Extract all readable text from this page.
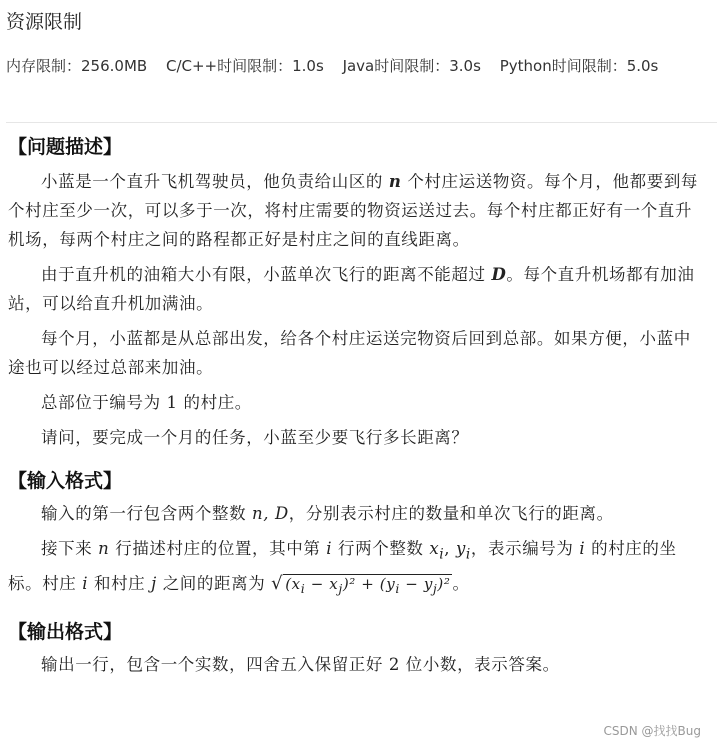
资源限制
内存限制：256.0MB C/C++时间限制：1.0s Java时间限制：3.0s Python时间限制：5.0s
【问题描述】

小蓝是一个直升飞机驾驶员，他负责给山区的 n 个村庄运送物资。每个月，他都要到每个村庄至少一次，可以多于一次，将村庄需要的物资运送过去。每个村庄都正好有一个直升机场，每两个村庄之间的路程都正好是村庄之间的直线距离。

由于直升机的油箱大小有限，小蓝单次飞行的距离不能超过 D。每个直升机场都有加油站，可以给直升机加满油。

每个月，小蓝都是从总部出发，给各个村庄运送完物资后回到总部。如果方便，小蓝中途也可以经过总部来加油。

总部位于编号为 1 的村庄。

请问，要完成一个月的任务，小蓝至少要飞行多长距离？

【输入格式】

输入的第一行包含两个整数 n, D，分别表示村庄的数量和单次飞行的距离。

接下来 n 行描述村庄的位置，其中第 i 行两个整数 $x_i$, $y_i$，表示编号为 i 的村庄的坐标。村庄 i 和村庄 j 之间的距离为 √ $(x_i - x_j)^2 + (y_i - y_j)^2$ 。

【输出格式】

输出一行，包含一个实数，四舍五入保留正好 2 位小数，表示答案。

CSDN @找找Bug
